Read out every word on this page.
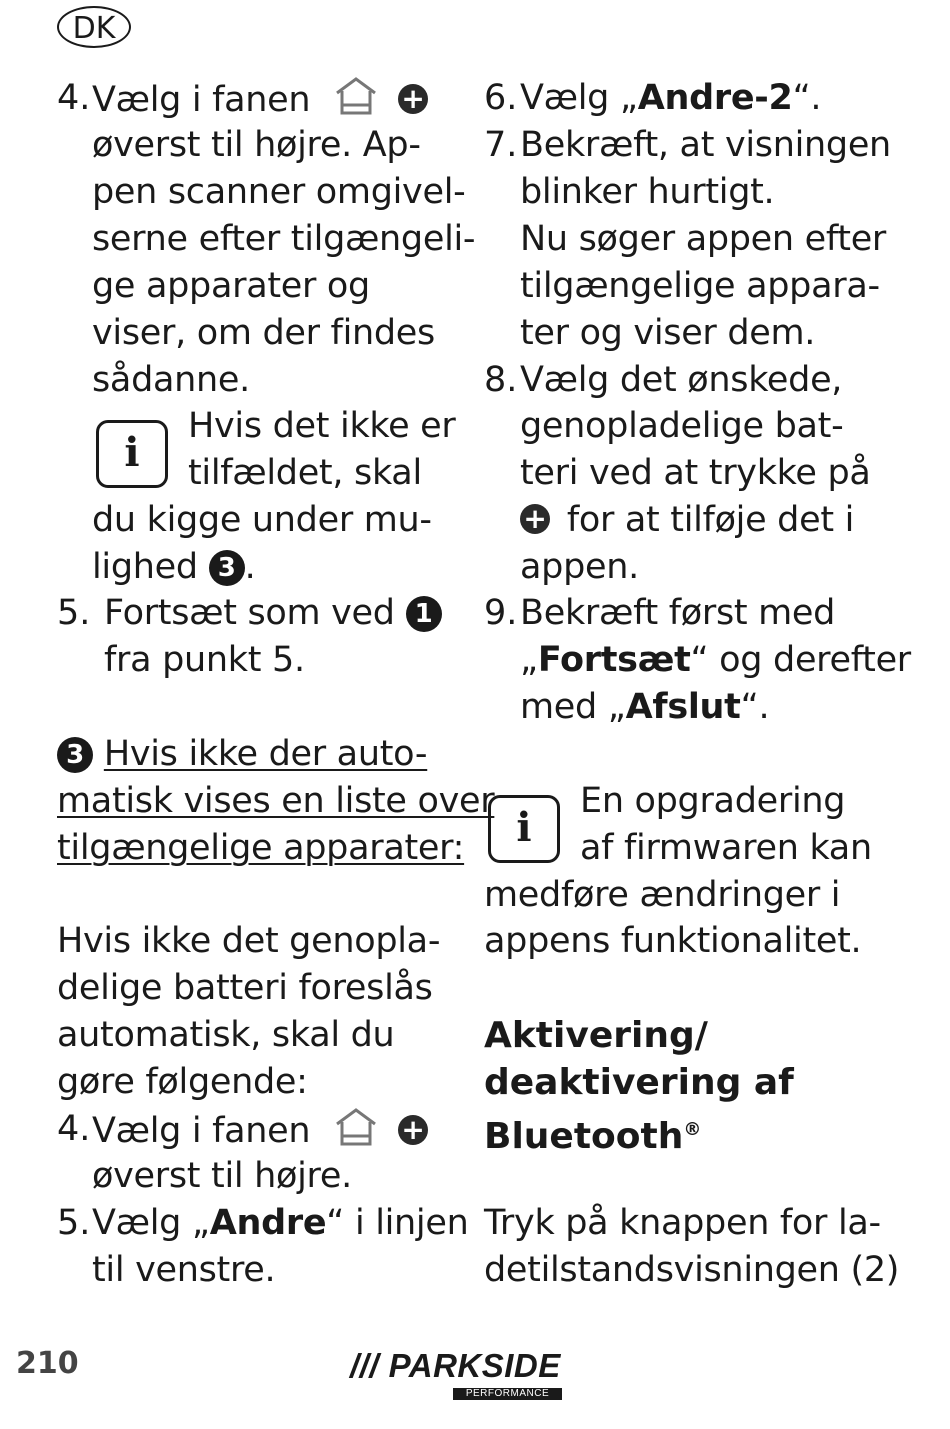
DK
4. Vælg i fanen	+
øverst til højre. Ap-
pen scanner omgivel-
serne efter tilgængeli-
ge apparater og
viser, om der findes
sådanne.
i
Hvis det ikke er
tilfældet, skal
du kigge under mu-
lighed 3 .
5. Fortsæt som ved 1
fra punkt 5.
3 Hvis ikke der auto-
matisk vises en liste over
tilgængelige apparater:
Hvis ikke det genopla-
delige batteri foreslås
automatisk, skal du
gøre følgende:
4. Vælg i fanen	+
øverst til højre.
5. Vælg „Andre“ i linjen
til venstre.
6. Vælg „Andre-2“.
7. Bekræft, at visningen
blinker hurtigt.
Nu søger appen efter
tilgængelige appara-
ter og viser dem.
8. Vælg det ønskede,
genopladelige bat-
teri ved at trykke på
+ for at tilføje det i
appen.
9. Bekræft først med
„Fortsæt“ og derefter
med „Afslut“.
i
En opgradering
af firmwaren kan
medføre ændringer i
appens funktionalitet.
Aktivering/
deaktivering af
Bluetooth®
Tryk på knappen for la-
detilstandsvisningen (2)
210	/// PARKSIDE
PERFORMANCE
